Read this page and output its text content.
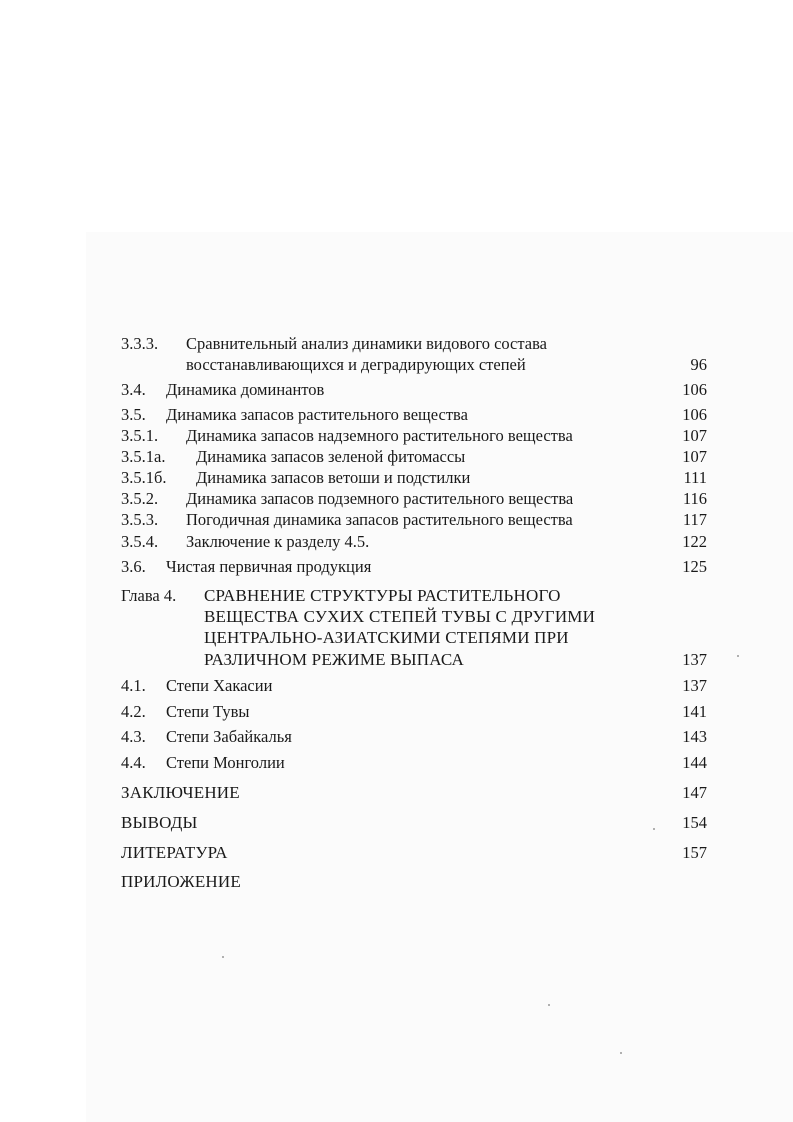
3.3.3. Сравнительный анализ динамики видового состава
восстанавливающихся и деградирующих степей	96
3.4. Динамика доминантов	106
3.5. Динамика запасов растительного вещества	106
3.5.1. Динамика запасов надземного растительного вещества	107
3.5.1а. Динамика запасов зеленой фитомассы	107
3.5.1б. Динамика запасов ветоши и подстилки	111
3.5.2. Динамика запасов подземного растительного вещества	116
3.5.3. Погодичная динамика запасов растительного вещества	117
3.5.4. Заключение к разделу 4.5.	122
3.6. Чистая первичная продукция	125
Глава 4. СРАВНЕНИЕ СТРУКТУРЫ РАСТИТЕЛЬНОГО
ВЕЩЕСТВА СУХИХ СТЕПЕЙ ТУВЫ С ДРУГИМИ
ЦЕНТРАЛЬНО-АЗИАТСКИМИ СТЕПЯМИ ПРИ
РАЗЛИЧНОМ РЕЖИМЕ ВЫПАСА	137
4.1. Степи Хакасии	137
4.2. Степи Тувы	141
4.3. Степи Забайкалья	143
4.4. Степи Монголии	144
ЗАКЛЮЧЕНИЕ	147
ВЫВОДЫ	154
ЛИТЕРАТУРА	157
ПРИЛОЖЕНИЕ
